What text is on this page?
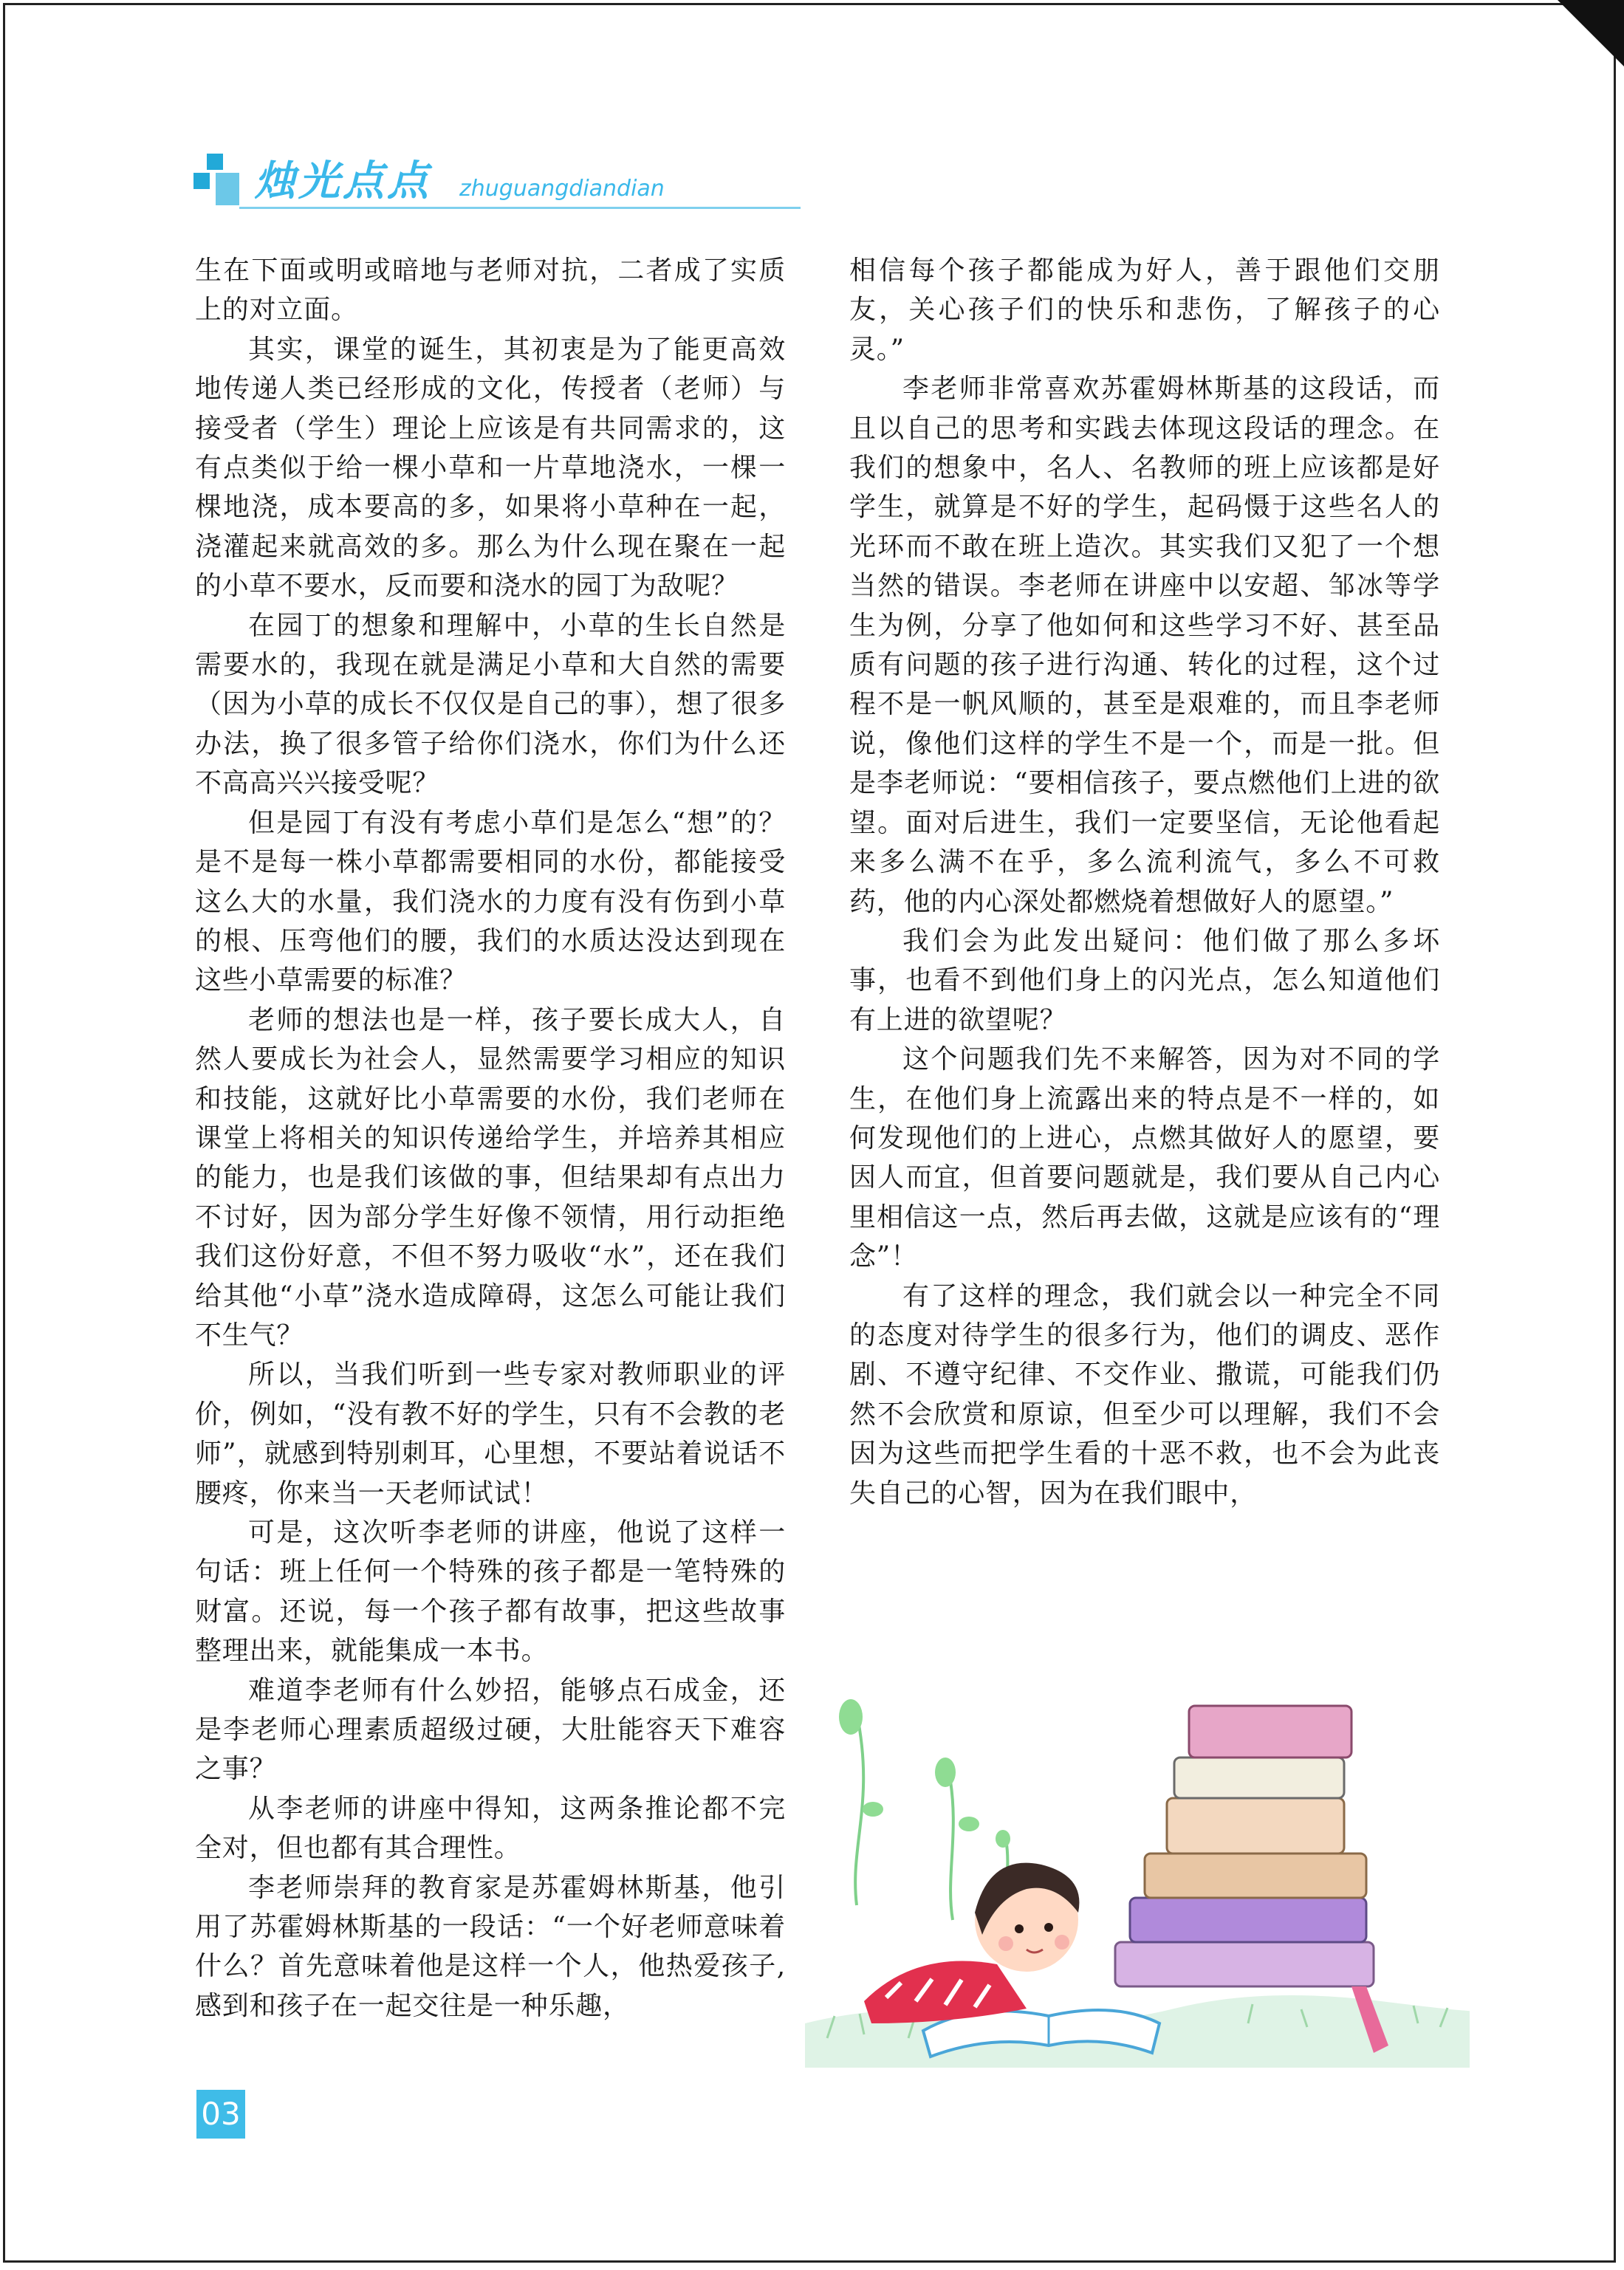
烛光点点 zhuguangdiandian

生在下面或明或暗地与老师对抗，二者成了实质上的对立面。

其实，课堂的诞生，其初衷是为了能更高效地传递人类已经形成的文化，传授者（老师）与接受者（学生）理论上应该是有共同需求的，这有点类似于给一棵小草和一片草地浇水，一棵一棵地浇，成本要高的多，如果将小草种在一起，浇灌起来就高效的多。那么为什么现在聚在一起的小草不要水，反而要和浇水的园丁为敌呢？

在园丁的想象和理解中，小草的生长自然是需要水的，我现在就是满足小草和大自然的需要（因为小草的成长不仅仅是自己的事），想了很多办法，换了很多管子给你们浇水，你们为什么还不高高兴兴接受呢？

但是园丁有没有考虑小草们是怎么“想”的？是不是每一株小草都需要相同的水份，都能接受这么大的水量，我们浇水的力度有没有伤到小草的根、压弯他们的腰，我们的水质达没达到现在这些小草需要的标准？

老师的想法也是一样，孩子要长成大人，自然人要成长为社会人，显然需要学习相应的知识和技能，这就好比小草需要的水份，我们老师在课堂上将相关的知识传递给学生，并培养其相应的能力，也是我们该做的事，但结果却有点出力不讨好，因为部分学生好像不领情，用行动拒绝我们这份好意，不但不努力吸收“水”，还在我们给其他“小草”浇水造成障碍，这怎么可能让我们不生气？

所以，当我们听到一些专家对教师职业的评价，例如，“没有教不好的学生，只有不会教的老师”，就感到特别刺耳，心里想，不要站着说话不腰疼，你来当一天老师试试！

可是，这次听李老师的讲座，他说了这样一句话：班上任何一个特殊的孩子都是一笔特殊的财富。还说，每一个孩子都有故事，把这些故事整理出来，就能集成一本书。

难道李老师有什么妙招，能够点石成金，还是李老师心理素质超级过硬，大肚能容天下难容之事？

从李老师的讲座中得知，这两条推论都不完全对，但也都有其合理性。

李老师崇拜的教育家是苏霍姆林斯基，他引用了苏霍姆林斯基的一段话：“一个好老师意味着什么？首先意味着他是这样一个人，他热爱孩子,感到和孩子在一起交往是一种乐趣，

相信每个孩子都能成为好人，善于跟他们交朋友，关心孩子们的快乐和悲伤，了解孩子的心灵。”

李老师非常喜欢苏霍姆林斯基的这段话，而且以自己的思考和实践去体现这段话的理念。在我们的想象中，名人、名教师的班上应该都是好学生，就算是不好的学生，起码慑于这些名人的光环而不敢在班上造次。其实我们又犯了一个想当然的错误。李老师在讲座中以安超、邹冰等学生为例，分享了他如何和这些学习不好、甚至品质有问题的孩子进行沟通、转化的过程，这个过程不是一帆风顺的，甚至是艰难的，而且李老师说，像他们这样的学生不是一个，而是一批。但是李老师说：“要相信孩子，要点燃他们上进的欲望。面对后进生，我们一定要坚信，无论他看起来多么满不在乎，多么流利流气，多么不可救药，他的内心深处都燃烧着想做好人的愿望。”

我们会为此发出疑问：他们做了那么多坏事，也看不到他们身上的闪光点，怎么知道他们有上进的欲望呢？

这个问题我们先不来解答，因为对不同的学生，在他们身上流露出来的特点是不一样的，如何发现他们的上进心，点燃其做好人的愿望，要因人而宜，但首要问题就是，我们要从自己内心里相信这一点，然后再去做，这就是应该有的“理念”！

有了这样的理念，我们就会以一种完全不同的态度对待学生的很多行为，他们的调皮、恶作剧、不遵守纪律、不交作业、撒谎，可能我们仍然不会欣赏和原谅，但至少可以理解，我们不会因为这些而把学生看的十恶不救，也不会为此丧失自己的心智，因为在我们眼中，

03
